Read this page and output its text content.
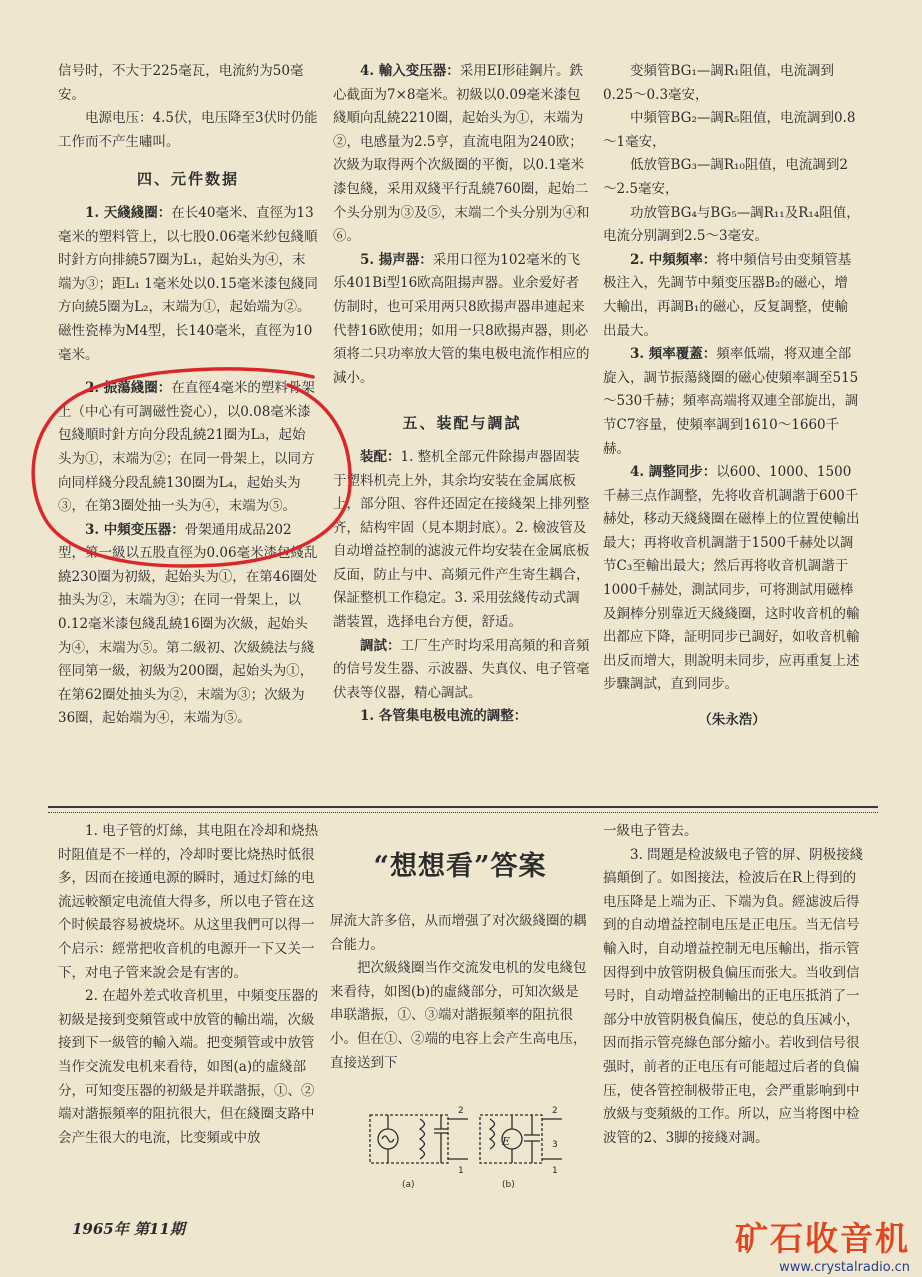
信号时，不大于225毫瓦，电流約为50毫安。

电源电压：4.5伏，电压降至3伏时仍能工作而不产生嘯叫。

四、元件数据

1. 天綫綫圈：在长40毫米、直徑为13毫米的塑料管上，以七股0.06毫米紗包綫順时針方向排繞57圈为L₁，起始头为④，末端为③；距L₁ 1毫米处以0.15毫米漆包綫同方向繞5圈为L₂，末端为①，起始端为②。磁性瓷棒为M4型，长140毫米，直徑为10毫米。

2. 振蕩綫圈：在直徑4毫米的塑料骨架上（中心有可調磁性瓷心），以0.08毫米漆包綫順时針方向分段乱繞21圈为L₃，起始头为①，末端为②；在同一骨架上，以同方向同样綫分段乱繞130圈为L₄，起始头为③，在第3圈处抽一头为④，末端为⑤。

3. 中頻变压器：骨架通用成品202型，第一級以五股直徑为0.06毫米漆包綫乱繞230圈为初級，起始头为①，在第46圈处抽头为②，末端为③；在同一骨架上，以0.12毫米漆包綫乱繞16圈为次級，起始头为④，末端为⑤。第二級初、次級繞法与綫徑同第一級，初級为200圈，起始头为①，在第62圈处抽头为②，末端为③；次級为36圈，起始端为④，末端为⑤。

4. 輸入变压器：采用EI形硅鋼片。鉄心截面为7×8毫米。初級以0.09毫米漆包綫順向乱繞2210圈，起始头为①，末端为②，电感量为2.5亨，直流电阻为240欧；次級为取得两个次級圈的平衡，以0.1毫米漆包綫，采用双綫平行乱繞760圈，起始二个头分别为③及⑤，末端二个头分别为④和⑥。

5. 揚声器：采用口徑为102毫米的飞乐401Bi型16欧高阻揚声器。业余爱好者仿制时，也可采用两只8欧揚声器串連起来代替16欧使用；如用一只8欧揚声器，則必須将二只功率放大管的集电极电流作相应的減小。

五、装配与調試

装配：1. 整机全部元件除揚声器固装于塑料机壳上外，其余均安装在金属底板上，部分阻、容件还固定在接綫架上排列整齐，結构牢固（見本期封底）。2. 檢波管及自动增益控制的滤波元件均安装在金属底板反面，防止与中、高頻元件产生寄生耦合，保証整机工作稳定。3. 采用弦綫传动式調諧装置，选择电台方便，舒适。

調試：工厂生产时均采用高頻的和音頻的信号发生器、示波器、失真仪、电子管毫伏表等仪器，精心調試。

1. 各管集电极电流的調整：

变頻管BG₁—調R₁阻值，电流調到0.25～0.3毫安，

中頻管BG₂—調R₅阻值，电流調到0.8～1毫安，

低放管BG₃—調R₁₀阻值，电流調到2～2.5毫安，

功放管BG₄与BG₅—調R₁₁及R₁₄阻值，电流分别調到2.5～3毫安。

2. 中頻頻率：将中頻信号由变頻管基极注入，先調节中頻变压器B₂的磁心，增大輸出，再調B₁的磁心，反复調整，使輸出最大。

3. 頻率覆蓋：頻率低端，将双連全部旋入，調节振蕩綫圈的磁心使頻率調至515～530千赫；頻率高端将双連全部旋出，調节C7容量，使頻率調到1610～1660千赫。

4. 調整同步：以600、1000、1500千赫三点作調整，先将收音机調諧于600千赫处，移动天綫綫圈在磁棒上的位置使輸出最大；再将收音机調諧于1500千赫处以調节C₃至輸出最大；然后再将收音机調諧于1000千赫处，測試同步，可将測試用磁棒及銅棒分别靠近天綫綫圈，这时收音机的輸出都应下降，証明同步已調好，如收音机輸出反而增大，則說明未同步，应再重复上述步驟調試，直到同步。

（朱永浩）

1. 电子管的灯絲，其电阻在冷却和烧热时阻值是不一样的，冷却时要比烧热时低很多，因而在接通电源的瞬时，通过灯絲的电流远較額定电流值大得多，所以电子管在这个时候最容易被烧坏。从这里我們可以得一个启示：經常把收音机的电源开一下又关一下，对电子管来說会是有害的。

2. 在超外差式收音机里，中頻变压器的初級是接到变頻管或中放管的輸出端，次級接到下一級管的輸入端。把变頻管或中放管当作交流发电机来看待，如图(a)的虛綫部分，可知变压器的初級是并联諧振，①、②端对諧振頻率的阻抗很大，但在綫圈支路中会产生很大的电流，比变頻或中放

“想想看”答案

屏流大許多倍，从而增强了对次級綫圈的耦合能力。

把次級綫圈当作交流发电机的发电綫包来看待，如图(b)的虛綫部分，可知次級是串联諧振，①、③端对諧振頻率的阻抗很小。但在①、②端的电容上会产生高电压，直接送到下

一級电子管去。

3. 問題是检波級电子管的屏、阴极接綫搞顛倒了。如图接法，检波后在R上得到的电压降是上端为正、下端为負。經滤波后得到的自动增益控制电压是正电压。当无信号輸入时，自动增益控制无电压輸出，指示管因得到中放管阴极負偏压而张大。当收到信号时，自动增益控制輸出的正电压抵消了一部分中放管阴极負偏压，使总的負压减小，因而指示管亮綠色部分縮小。若收到信号很强时，前者的正电压有可能超过后者的負偏压，使各管控制极带正电，会严重影响到中放級与变頻級的工作。所以，应当将图中检波管的2、3脚的接綫对調。

E
2
1
2
3
1
(a)	(b)
1965年 第11期	矿石收音机
www.crystalradio.cn
